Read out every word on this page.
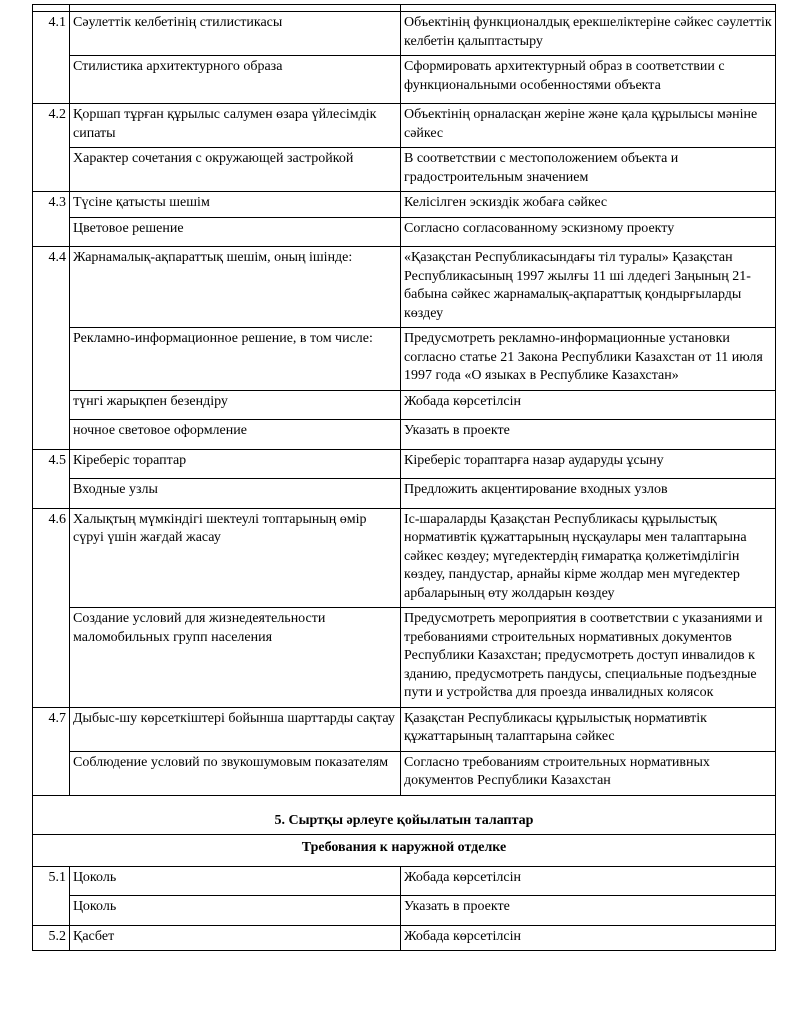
4.1	Сәулеттік келбетінің стилистикасы	Объектінің функционалдық ерекшеліктеріне сәйкес сәулеттік келбетін қалыптастыру
	Стилистика архитектурного образа	Сформировать архитектурный образ в соответствии с функциональными особенностями объекта
4.2	Қоршап тұрған құрылыс салумен өзара үйлесімдік сипаты	Объектінің орналасқан жеріне және қала құрылысы мәніне сәйкес
	Характер сочетания с окружающей застройкой	В соответствии с местоположением объекта и градостроительным значением
4.3	Түсіне қатысты шешім	Келісілген эскиздік жобаға сәйкес
	Цветовое решение	Согласно согласованному эскизному проекту
4.4	Жарнамалық-ақпараттық шешім, оның ішінде:	«Қазақстан Республикасындағы тіл туралы» Қазақстан Республикасының 1997 жылғы 11 ші лдедегі Заңының 21-бабына сәйкес жарнамалық-ақпараттық қондырғыларды көздеу
	Рекламно-информационное решение, в том числе:	Предусмотреть рекламно-информационные установки согласно статье 21 Закона Республики Казахстан от 11 июля 1997 года «О языках в Республике Казахстан»
	түнгі жарықпен безендіру	Жобада көрсетілсін
	ночное световое оформление	Указать в проекте
4.5	Кіреберіс тораптар	Кіреберіс тораптарға назар аударуды ұсыну
	Входные узлы	Предложить акцентирование входных узлов
4.6	Халықтың мүмкіндігі шектеулі топтарының өмір сүруі үшін жағдай жасау	Іс-шараларды Қазақстан Республикасы құрылыстық нормативтік құжаттарының нұсқаулары мен талаптарына сәйкес көздеу; мүгедектердің ғимаратқа қолжетімділігін көздеу, пандустар, арнайы кірме жолдар мен мүгедектер арбаларының өту жолдарын көздеу
	Создание условий для жизнедеятельности маломобильных групп населения	Предусмотреть мероприятия в соответствии с указаниями и требованиями строительных нормативных документов Республики Казахстан; предусмотреть доступ инвалидов к зданию, предусмотреть пандусы, специальные подъездные пути и устройства для проезда инвалидных колясок
4.7	Дыбыс-шу көрсеткіштері бойынша шарттарды сақтау	Қазақстан Республикасы құрылыстық нормативтік құжаттарының талаптарына сәйкес
	Соблюдение условий по звукошумовым показателям	Согласно требованиям строительных нормативных документов Республики Казахстан
5. Сыртқы әрлеуге қойылатын талаптар		
Требования к наружной отделке		
5.1	Цоколь	Жобада көрсетілсін
	Цоколь	Указать в проекте
5.2	Қасбет	Жобада көрсетілсін
